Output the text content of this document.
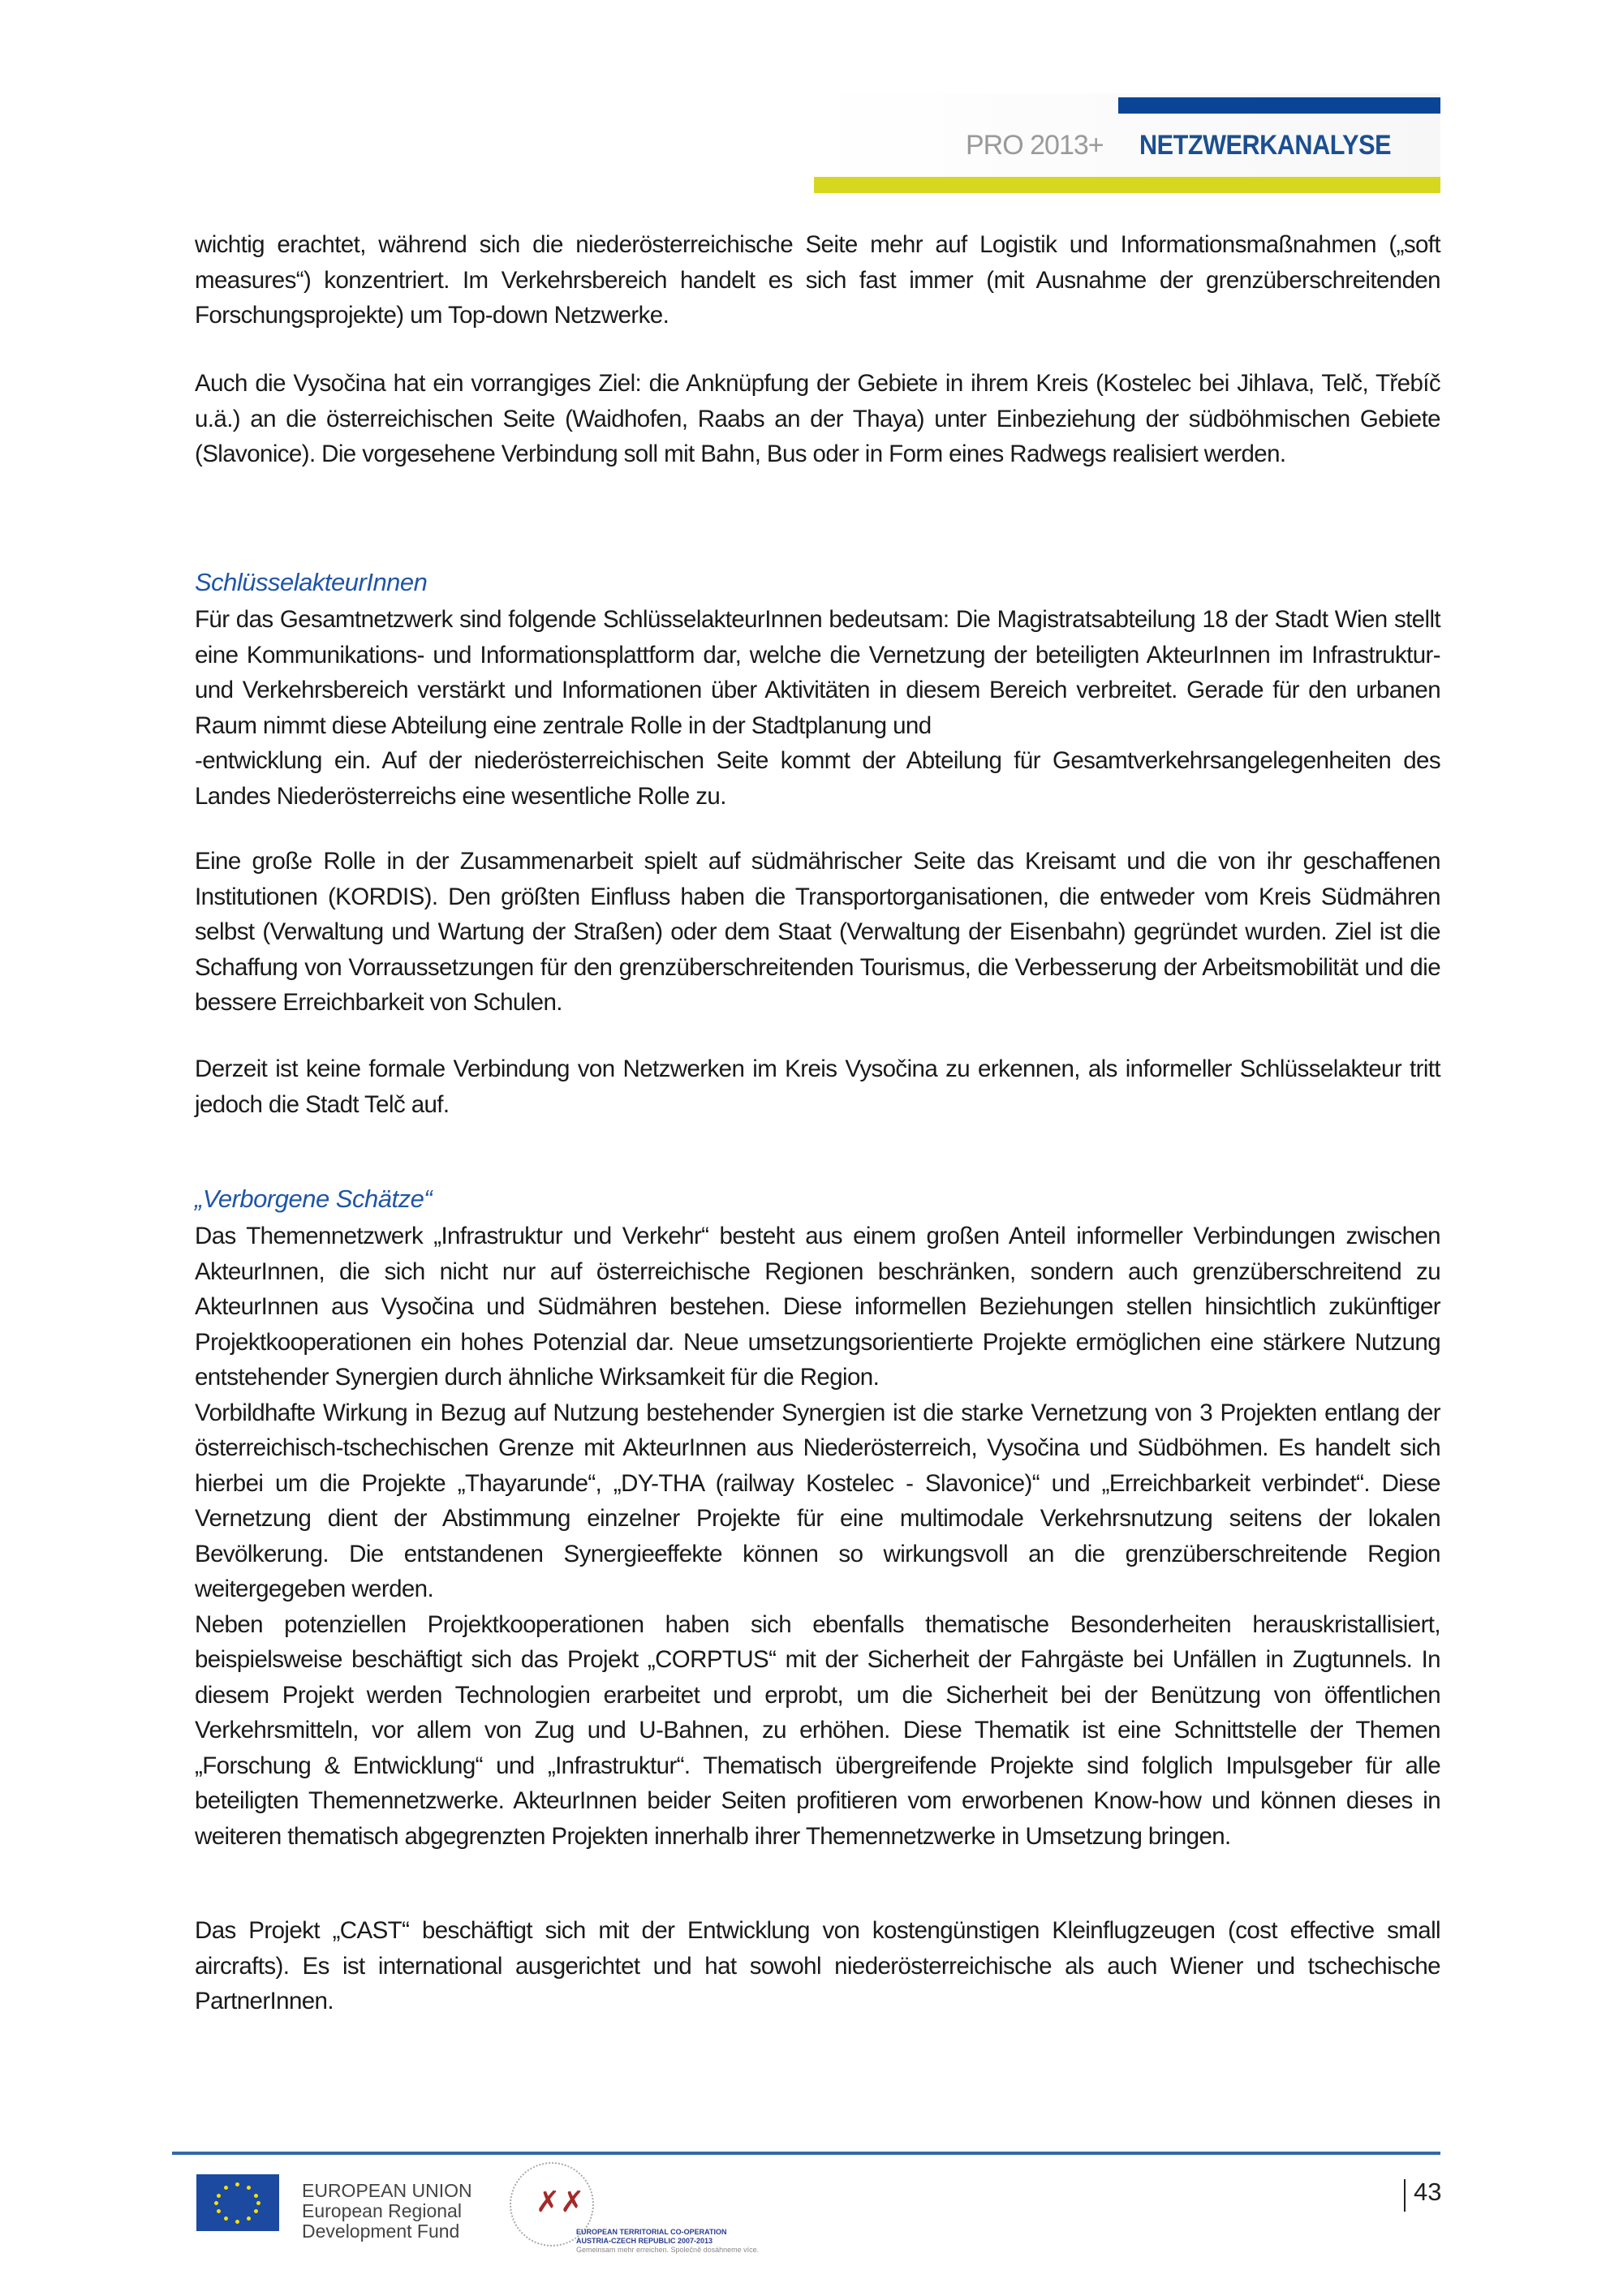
PRO 2013+ NETZWERKANALYSE
wichtig erachtet, während sich die niederösterreichische Seite mehr auf Logistik und Informationsmaßnahmen („soft measures“) konzentriert. Im Verkehrsbereich handelt es sich fast immer (mit Ausnahme der grenzüberschreitenden Forschungsprojekte) um Top-down Netzwerke.
Auch die Vysočina hat ein vorrangiges Ziel: die Anknüpfung der Gebiete in ihrem Kreis (Kostelec bei Jihlava, Telč, Třebíč u.ä.) an die österreichischen Seite (Waidhofen, Raabs an der Thaya) unter Einbeziehung der südböhmischen Gebiete (Slavonice). Die vorgesehene Verbindung soll mit Bahn, Bus oder in Form eines Radwegs realisiert werden.
SchlüsselakteurInnen
Für das Gesamtnetzwerk sind folgende SchlüsselakteurInnen bedeutsam: Die Magistratsabteilung 18 der Stadt Wien stellt eine Kommunikations- und Informationsplattform dar, welche die Vernetzung der beteiligten AkteurInnen im Infrastruktur- und Verkehrsbereich verstärkt und Informationen über Aktivitäten in diesem Bereich verbreitet. Gerade für den urbanen Raum nimmt diese Abteilung eine zentrale Rolle in der Stadtplanung und
-entwicklung ein. Auf der niederösterreichischen Seite kommt der Abteilung für Gesamtverkehrsangelegenheiten des Landes Niederösterreichs eine wesentliche Rolle zu.
Eine große Rolle in der Zusammenarbeit spielt auf südmährischer Seite das Kreisamt und die von ihr geschaffenen Institutionen (KORDIS). Den größten Einfluss haben die Transportorganisationen, die entweder vom Kreis Südmähren selbst (Verwaltung und Wartung der Straßen) oder dem Staat (Verwaltung der Eisenbahn) gegründet wurden. Ziel ist die Schaffung von Vorraussetzungen für den grenzüberschreitenden Tourismus, die Verbesserung der Arbeitsmobilität und die bessere Erreichbarkeit von Schulen.
Derzeit ist keine formale Verbindung von Netzwerken im Kreis Vysočina zu erkennen, als informeller Schlüsselakteur tritt jedoch die Stadt Telč auf.
„Verborgene Schätze“
Das Themennetzwerk „Infrastruktur und Verkehr“ besteht aus einem großen Anteil informeller Verbindungen zwischen AkteurInnen, die sich nicht nur auf österreichische Regionen beschränken, sondern auch grenzüberschreitend zu AkteurInnen aus Vysočina und Südmähren bestehen. Diese informellen Beziehungen stellen hinsichtlich zukünftiger Projektkooperationen ein hohes Potenzial dar. Neue umsetzungsorientierte Projekte ermöglichen eine stärkere Nutzung entstehender Synergien durch ähnliche Wirksamkeit für die Region.
Vorbildhafte Wirkung in Bezug auf Nutzung bestehender Synergien ist die starke Vernetzung von 3 Projekten entlang der österreichisch-tschechischen Grenze mit AkteurInnen aus Niederösterreich, Vysočina und Südböhmen. Es handelt sich hierbei um die Projekte „Thayarunde“, „DY-THA (railway Kostelec - Slavonice)“ und „Erreichbarkeit verbindet“. Diese Vernetzung dient der Abstimmung einzelner Projekte für eine multimodale Verkehrsnutzung seitens der lokalen Bevölkerung. Die entstandenen Synergieeffekte können so wirkungsvoll an die grenzüberschreitende Region weitergegeben werden.
Neben potenziellen Projektkooperationen haben sich ebenfalls thematische Besonderheiten herauskristallisiert, beispielsweise beschäftigt sich das Projekt „CORPTUS“ mit der Sicherheit der Fahrgäste bei Unfällen in Zugtunnels. In diesem Projekt werden Technologien erarbeitet und erprobt, um die Sicherheit bei der Benützung von öffentlichen Verkehrsmitteln, vor allem von Zug und U-Bahnen, zu erhöhen. Diese Thematik ist eine Schnittstelle der Themen „Forschung & Entwicklung“ und „Infrastruktur“. Thematisch übergreifende Projekte sind folglich Impulsgeber für alle beteiligten Themennetzwerke. AkteurInnen beider Seiten profitieren vom erworbenen Know-how und können dieses in weiteren thematisch abgegrenzten Projekten innerhalb ihrer Themennetzwerke in Umsetzung bringen.
Das Projekt „CAST“ beschäftigt sich mit der Entwicklung von kostengünstigen Kleinflugzeugen (cost effective small aircrafts). Es ist international ausgerichtet und hat sowohl niederösterreichische als auch Wiener und tschechische PartnerInnen.
EUROPEAN UNION
European Regional
Development Fund
✗✗
EUROPEAN TERRITORIAL CO-OPERATION
AUSTRIA-CZECH REPUBLIC 2007-2013
Gemeinsam mehr erreichen. Společně dosáhneme více.
43
